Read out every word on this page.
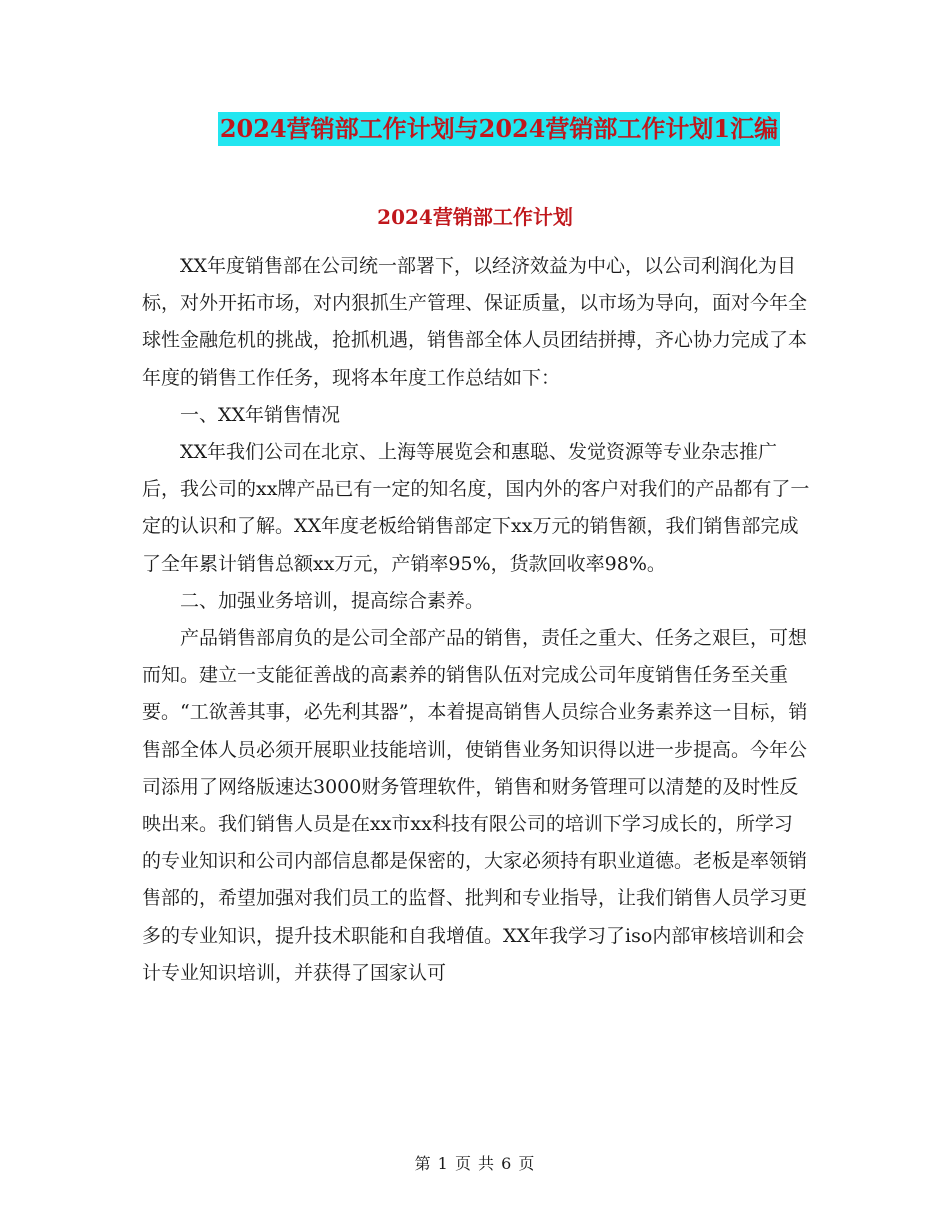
2024营销部工作计划与2024营销部工作计划1汇编
2024营销部工作计划

XX年度销售部在公司统一部署下，以经济效益为中心，以公司利润化为目标，对外开拓市场，对内狠抓生产管理、保证质量，以市场为导向，面对今年全球性金融危机的挑战，抢抓机遇，销售部全体人员团结拼搏，齐心协力完成了本年度的销售工作任务，现将本年度工作总结如下：

一、XX年销售情况

XX年我们公司在北京、上海等展览会和惠聪、发觉资源等专业杂志推广后，我公司的xx牌产品已有一定的知名度，国内外的客户对我们的产品都有了一定的认识和了解。XX年度老板给销售部定下xx万元的销售额，我们销售部完成了全年累计销售总额xx万元，产销率95%，货款回收率98%。

二、加强业务培训，提高综合素养。

产品销售部肩负的是公司全部产品的销售，责任之重大、任务之艰巨，可想而知。建立一支能征善战的高素养的销售队伍对完成公司年度销售任务至关重要。“工欲善其事，必先利其器”，本着提高销售人员综合业务素养这一目标，销售部全体人员必须开展职业技能培训，使销售业务知识得以进一步提高。今年公司添用了网络版速达3000财务管理软件，销售和财务管理可以清楚的及时性反映出来。我们销售人员是在xx市xx科技有限公司的培训下学习成长的，所学习的专业知识和公司内部信息都是保密的，大家必须持有职业道德。老板是率领销售部的，希望加强对我们员工的监督、批判和专业指导，让我们销售人员学习更多的专业知识，提升技术职能和自我增值。XX年我学习了iso内部审核培训和会计专业知识培训，并获得了国家认可

第 1 页 共 6 页
